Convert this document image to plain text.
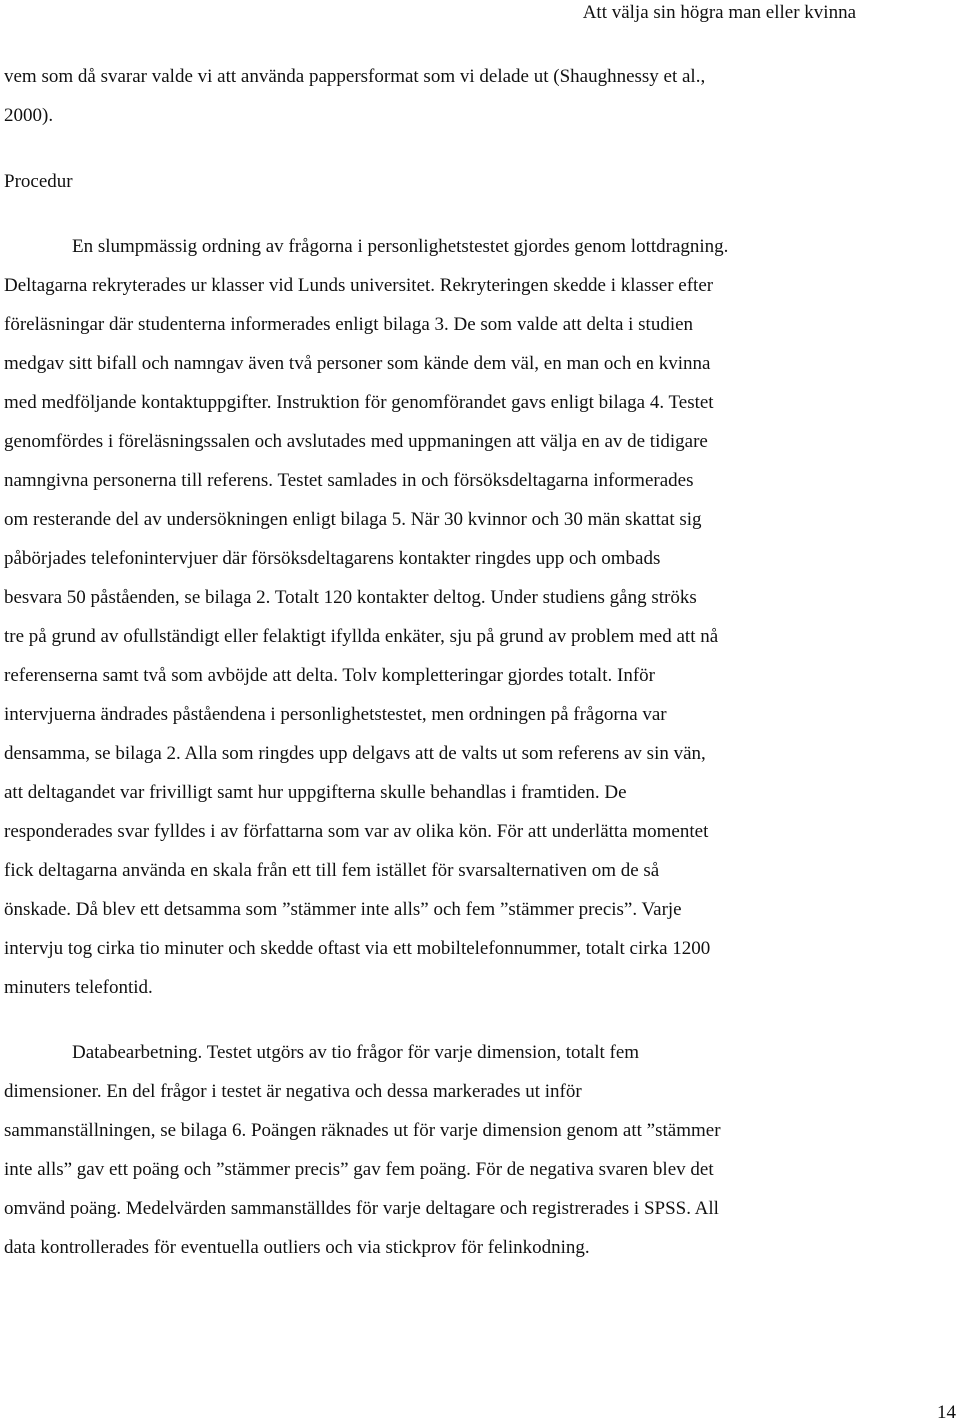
Att välja sin högra man eller kvinna
vem som då svarar valde vi att använda pappersformat som vi delade ut (Shaughnessy et al.,
2000).
Procedur
En slumpmässig ordning av frågorna i personlighetstestet gjordes genom lottdragning.
Deltagarna rekryterades ur klasser vid Lunds universitet. Rekryteringen skedde i klasser efter
föreläsningar där studenterna informerades enligt bilaga 3. De som valde att delta i studien
medgav sitt bifall och namngav även två personer som kände dem väl, en man och en kvinna
med medföljande kontaktuppgifter. Instruktion för genomförandet gavs enligt bilaga 4. Testet
genomfördes i föreläsningssalen och avslutades med uppmaningen att välja en av de tidigare
namngivna personerna till referens. Testet samlades in och försöksdeltagarna informerades
om resterande del av undersökningen enligt bilaga 5. När 30 kvinnor och 30 män skattat sig
påbörjades telefonintervjuer där försöksdeltagarens kontakter ringdes upp och ombads
besvara 50 påståenden, se bilaga 2. Totalt 120 kontakter deltog. Under studiens gång ströks
tre på grund av ofullständigt eller felaktigt ifyllda enkäter, sju på grund av problem med att nå
referenserna samt två som avböjde att delta. Tolv kompletteringar gjordes totalt. Inför
intervjuerna ändrades påståendena i personlighetstestet, men ordningen på frågorna var
densamma, se bilaga 2. Alla som ringdes upp delgavs att de valts ut som referens av sin vän,
att deltagandet var frivilligt samt hur uppgifterna skulle behandlas i framtiden. De
responderades svar fylldes i av författarna som var av olika kön. För att underlätta momentet
fick deltagarna använda en skala från ett till fem istället för svarsalternativen om de så
önskade. Då blev ett detsamma som ”stämmer inte alls” och fem ”stämmer precis”. Varje
intervju tog cirka tio minuter och skedde oftast via ett mobiltelefonnummer, totalt cirka 1200
minuters telefontid.
Databearbetning. Testet utgörs av tio frågor för varje dimension, totalt fem
dimensioner. En del frågor i testet är negativa och dessa markerades ut inför
sammanställningen, se bilaga 6. Poängen räknades ut för varje dimension genom att ”stämmer
inte alls” gav ett poäng och ”stämmer precis” gav fem poäng. För de negativa svaren blev det
omvänd poäng. Medelvärden sammanställdes för varje deltagare och registrerades i SPSS. All
data kontrollerades för eventuella outliers och via stickprov för felinkodning.
14
